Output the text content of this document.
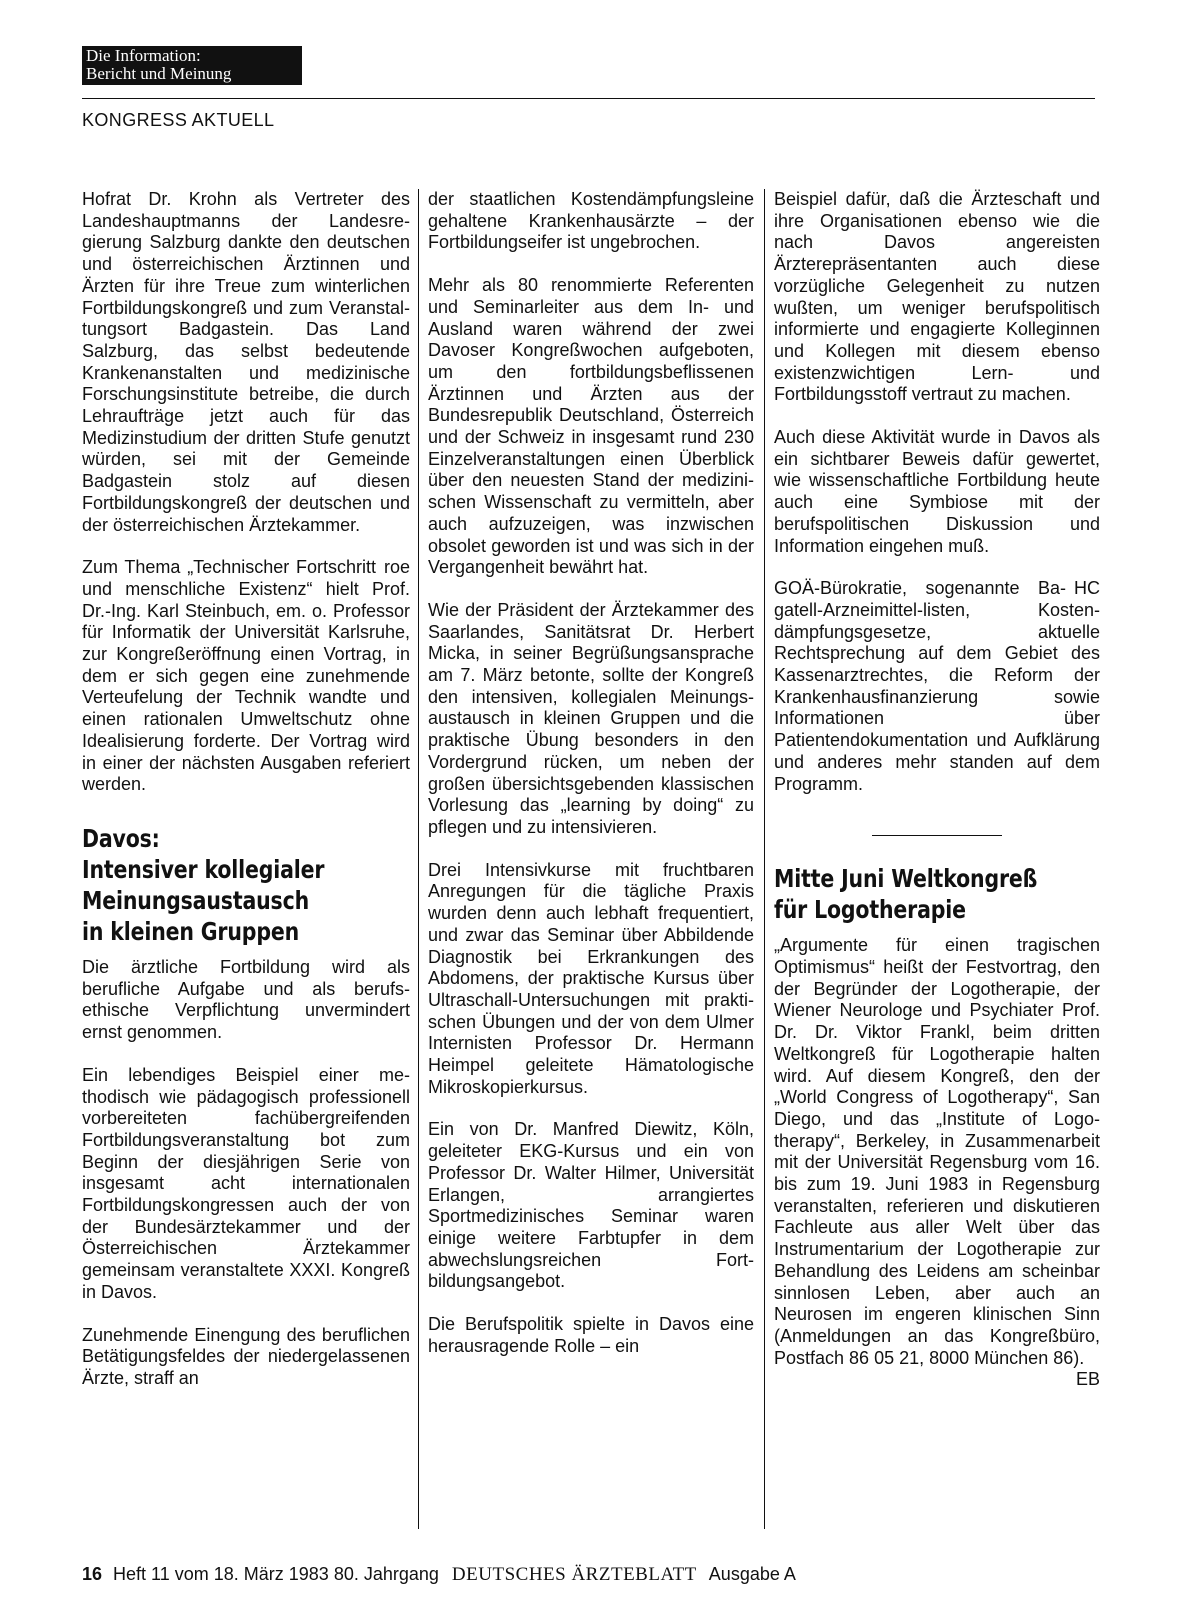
Die Information:
Bericht und Meinung
KONGRESS AKTUELL

Hofrat Dr. Krohn als Vertreter des Landeshauptmanns der Landesregierung Salzburg dankte den deutschen und österreichischen Ärztinnen und Ärzten für ihre Treue zum winterlichen Fortbildungskongreß und zum Veranstaltungsort Badgastein. Das Land Salzburg, das selbst bedeutende Krankenanstalten und medizinische Forschungsinstitute betreibe, die durch Lehraufträge jetzt auch für das Medizinstudium der dritten Stufe genutzt würden, sei mit der Gemeinde Badgastein stolz auf diesen Fortbildungskongreß der deutschen und der österreichischen Ärztekammer.

roe
Zum Thema „Technischer Fortschritt und menschliche Existenz“ hielt Prof. Dr.-Ing. Karl Steinbuch, em. o. Professor für Informatik der Universität Karlsruhe, zur Kongreßeröffnung einen Vortrag, in dem er sich gegen eine zunehmende Verteufelung der Technik wandte und einen rationalen Umweltschutz ohne Idealisierung forderte. Der Vortrag wird in einer der nächsten Ausgaben referiert werden.

Davos:
Intensiver kollegialer
Meinungsaustausch
in kleinen Gruppen

Die ärztliche Fortbildung wird als berufliche Aufgabe und als berufsethische Verpflichtung unvermindert ernst genommen.

Ein lebendiges Beispiel einer methodisch wie pädagogisch professionell vorbereiteten fachübergreifenden Fortbildungsveranstaltung bot zum Beginn der diesjährigen Serie von insgesamt acht internationalen Fortbildungskongressen auch der von der Bundesärztekammer und der Österreichischen Ärztekammer gemeinsam veranstaltete XXXI. Kongreß in Davos.

Zunehmende Einengung des beruflichen Betätigungsfeldes der niedergelassenen Ärzte, straff an

der staatlichen Kostendämpfungsleine gehaltene Krankenhausärzte – der Fortbildungseifer ist ungebrochen.

Mehr als 80 renommierte Referenten und Seminarleiter aus dem In- und Ausland waren während der zwei Davoser Kongreßwochen aufgeboten, um den fortbildungsbeflissenen Ärztinnen und Ärzten aus der Bundesrepublik Deutschland, Österreich und der Schweiz in insgesamt rund 230 Einzelveranstaltungen einen Überblick über den neuesten Stand der medizinischen Wissenschaft zu vermitteln, aber auch aufzuzeigen, was inzwischen obsolet geworden ist und was sich in der Vergangenheit bewährt hat.

Wie der Präsident der Ärztekammer des Saarlandes, Sanitätsrat Dr. Herbert Micka, in seiner Begrüßungsansprache am 7. März betonte, sollte der Kongreß den intensiven, kollegialen Meinungsaustausch in kleinen Gruppen und die praktische Übung besonders in den Vordergrund rücken, um neben der großen übersichtsgebenden klassischen Vorlesung das „learning by doing“ zu pflegen und zu intensivieren.

Drei Intensivkurse mit fruchtbaren Anregungen für die tägliche Praxis wurden denn auch lebhaft frequentiert, und zwar das Seminar über Abbildende Diagnostik bei Erkrankungen des Abdomens, der praktische Kursus über Ultraschall-Untersuchungen mit praktischen Übungen und der von dem Ulmer Internisten Professor Dr. Hermann Heimpel geleitete Hämatologische Mikroskopierkursus.

Ein von Dr. Manfred Diewitz, Köln, geleiteter EKG-Kursus und ein von Professor Dr. Walter Hilmer, Universität Erlangen, arrangiertes Sportmedizinisches Seminar waren einige weitere Farbtupfer in dem abwechslungsreichen Fortbildungsangebot.

Die Berufspolitik spielte in Davos eine herausragende Rolle – ein

Beispiel dafür, daß die Ärzteschaft und ihre Organisationen ebenso wie die nach Davos angereisten Ärzterepräsentanten auch diese vorzügliche Gelegenheit zu nutzen wußten, um weniger berufspolitisch informierte und engagierte Kolleginnen und Kollegen mit diesem ebenso existenzwichtigen Lern- und Fortbildungsstoff vertraut zu machen.

Auch diese Aktivität wurde in Davos als ein sichtbarer Beweis dafür gewertet, wie wissenschaftliche Fortbildung heute auch eine Symbiose mit der berufspolitischen Diskussion und Information eingehen muß.

HC
GOÄ-Bürokratie, sogenannte Bagatell-Arzneimittel-listen, Kostendämpfungsgesetze, aktuelle Rechtsprechung auf dem Gebiet des Kassenarztrechtes, die Reform der Krankenhausfinanzierung sowie Informationen über Patientendokumentation und Aufklärung und anderes mehr standen auf dem Programm.

Mitte Juni Weltkongreß
für Logotherapie

„Argumente für einen tragischen Optimismus“ heißt der Festvortrag, den der Begründer der Logotherapie, der Wiener Neurologe und Psychiater Prof. Dr. Dr. Viktor Frankl, beim dritten Weltkongreß für Logotherapie halten wird. Auf diesem Kongreß, den der „World Congress of Logotherapy“, San Diego, und das „Institute of Logotherapy“, Berkeley, in Zusammenarbeit mit der Universität Regensburg vom 16. bis zum 19. Juni 1983 in Regensburg veranstalten, referieren und diskutieren Fachleute aus aller Welt über das Instrumentarium der Logotherapie zur Behandlung des Leidens am scheinbar sinnlosen Leben, aber auch an Neurosen im engeren klinischen Sinn (Anmeldungen an das Kongreßbüro, Postfach 86 05 21, 8000 München 86).
EB

16 Heft 11 vom 18. März 1983 80. Jahrgang DEUTSCHES ÄRZTEBLATT Ausgabe A
